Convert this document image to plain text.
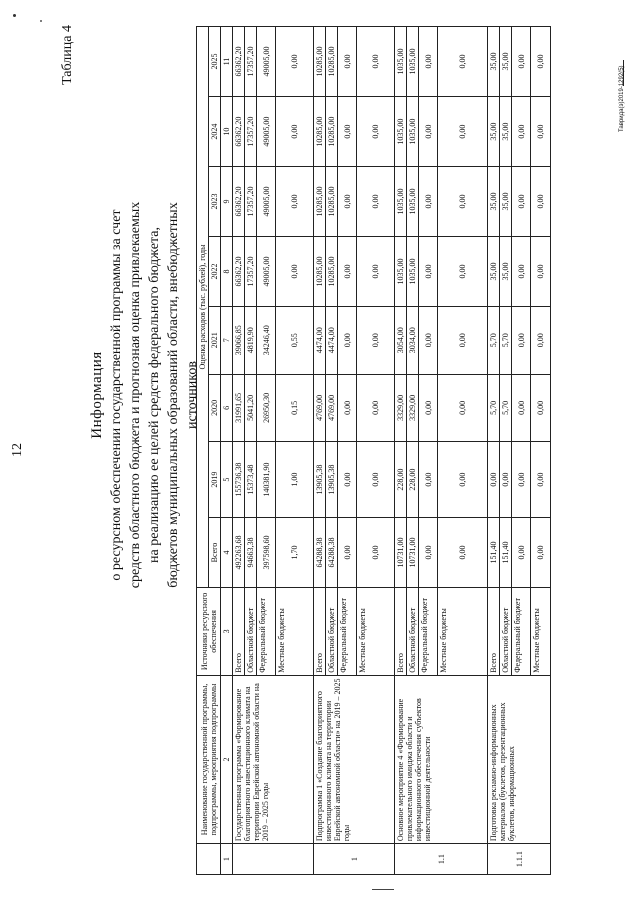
12
Таблица 4
Информация о ресурсном обеспечении государственной программы за счет средств областного бюджета и прогнозная оценка привлекаемых на реализацию ее целей средств федерального бюджета, бюджетов муниципальных образований области, внебюджетных источников
	Наименование государственной программы, подпрограммы, мероприятия подпрограммы	Источники ресурсного обеспечения	Оценка расходов (тыс. рублей), годы							
			Всего	2019	2020	2021	2022	2023	2024	2025
1	2	3	4	5	6	7	8	9	10	11
	Государственная программа «Формирование благоприятного инвестиционного климата на территории Еврейской автономной области на 2019 – 2025 годы	Всего	492263,68	155736,38	31991,65	39066,85	66362,20	66362,20	66362,20	66362,20
		Областной бюджет	94663,38	15373,48	5041,20	4819,90	17357,20	17357,20	17357,20	17357,20
		Федеральный бюджет	397598,60	140381,90	26950,30	34246,40	49005,00	49005,00	49005,00	49005,00
		Местные бюджеты	1,70	1,00	0,15	0,55	0,00	0,00	0,00	0,00
1	Подпрограмма 1 «Создание благоприятного инвестиционного климата на территории Еврейской автономной области» на 2019 – 2025 годы	Всего	64288,38	13905,38	4769,00	4474,00	10285,00	10285,00	10285,00	10285,00
		Областной бюджет	64288,38	13905,38	4769,00	4474,00	10285,00	10285,00	10285,00	10285,00
		Федеральный бюджет	0,00	0,00	0,00	0,00	0,00	0,00	0,00	0,00
		Местные бюджеты	0,00	0,00	0,00	0,00	0,00	0,00	0,00	0,00
1.1	Основное мероприятие 4 «Формирование привлекательного имиджа области и информационного обеспечения субъектов инвестиционной деятельности	Всего	10731,00	228,00	3329,00	3054,00	1035,00	1035,00	1035,00	1035,00
		Областной бюджет	10731,00	228,00	3329,00	3034,00	1035,00	1035,00	1035,00	1035,00
		Федеральный бюджет	0,00	0,00	0,00	0,00	0,00	0,00	0,00	0,00
		Местные бюджеты	0,00	0,00	0,00	0,00	0,00	0,00	0,00	0,00
1.1.1	Подготовка рекламно-информационных материалов (буклетов, презентационных буклетов, информационных	Всего	151,40	0,00	5,70	5,70	35,00	35,00	35,00	35,00
		Областной бюджет	151,40	0,00	5,70	5,70	35,00	35,00	35,00	35,00
		Федеральный бюджет	0,00	0,00	0,00	0,00	0,00	0,00	0,00	0,00
		Местные бюджеты	0,00	0,00	0,00	0,00	0,00	0,00	0,00	0,00
Таврида(э)2019-1292(5)
